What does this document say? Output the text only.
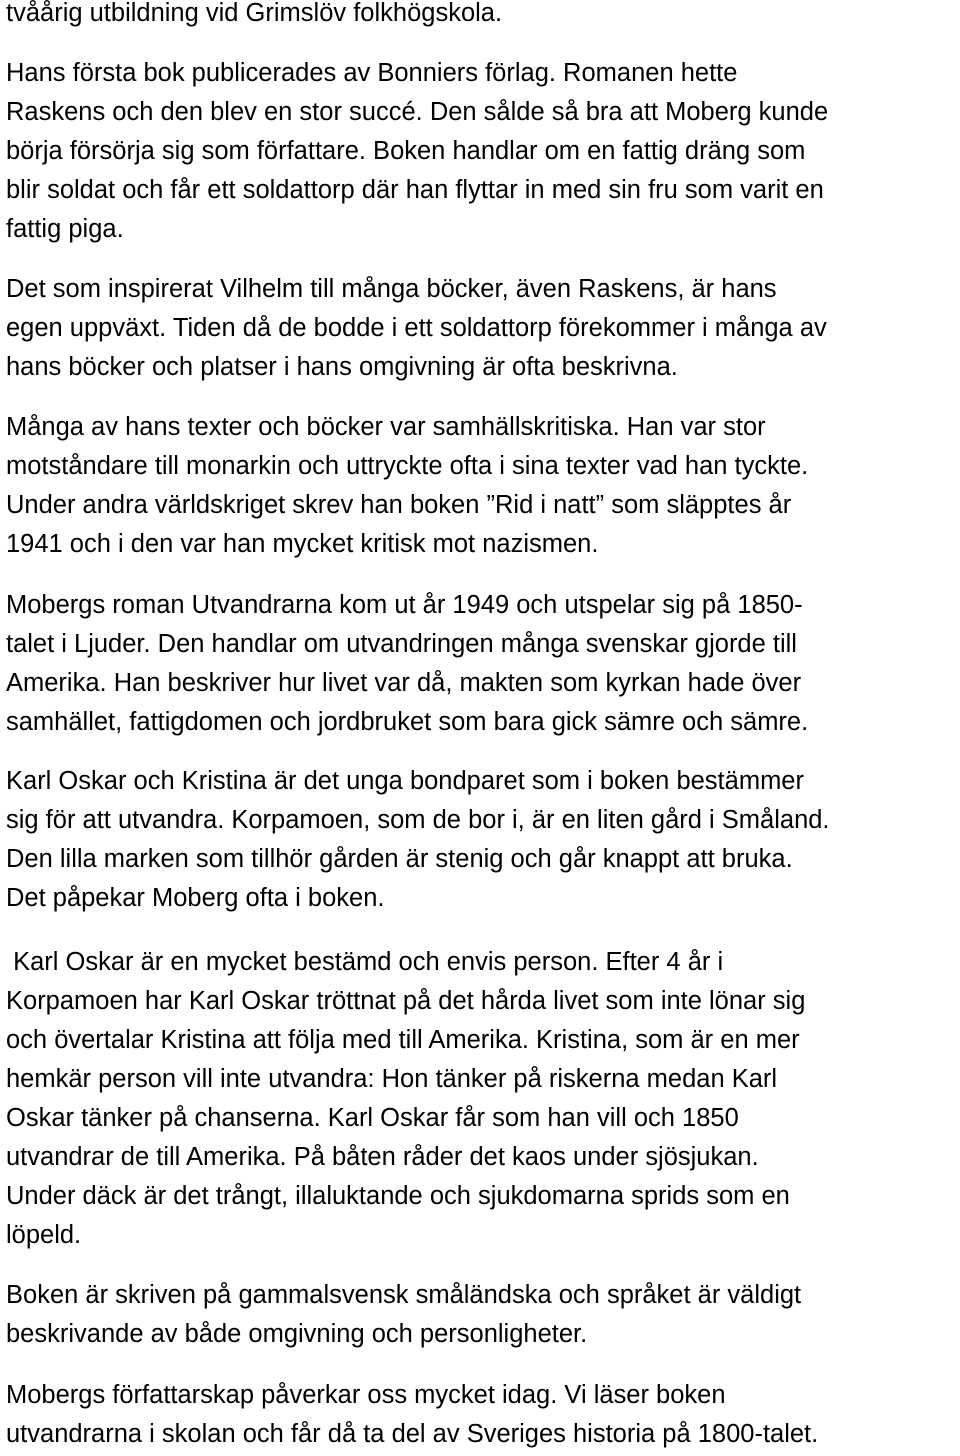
tvåårig utbildning vid Grimslöv folkhögskola.
Hans första bok publicerades av Bonniers förlag. Romanen hette
Raskens och den blev en stor succé. Den sålde så bra att Moberg kunde
börja försörja sig som författare. Boken handlar om en fattig dräng som
blir soldat och får ett soldattorp där han flyttar in med sin fru som varit en
fattig piga.
Det som inspirerat Vilhelm till många böcker, även Raskens, är hans
egen uppväxt. Tiden då de bodde i ett soldattorp förekommer i många av
hans böcker och platser i hans omgivning är ofta beskrivna.
Många av hans texter och böcker var samhällskritiska. Han var stor
motståndare till monarkin och uttryckte ofta i sina texter vad han tyckte.
Under andra världskriget skrev han boken ”Rid i natt” som släpptes år
1941 och i den var han mycket kritisk mot nazismen.
Mobergs roman Utvandrarna kom ut år 1949 och utspelar sig på 1850-
talet i Ljuder. Den handlar om utvandringen många svenskar gjorde till
Amerika. Han beskriver hur livet var då, makten som kyrkan hade över
samhället, fattigdomen och jordbruket som bara gick sämre och sämre.
Karl Oskar och Kristina är det unga bondparet som i boken bestämmer
sig för att utvandra. Korpamoen, som de bor i, är en liten gård i Småland.
Den lilla marken som tillhör gården är stenig och går knappt att bruka.
Det påpekar Moberg ofta i boken.
Karl Oskar är en mycket bestämd och envis person. Efter 4 år i
Korpamoen har Karl Oskar tröttnat på det hårda livet som inte lönar sig
och övertalar Kristina att följa med till Amerika. Kristina, som är en mer
hemkär person vill inte utvandra: Hon tänker på riskerna medan Karl
Oskar tänker på chanserna. Karl Oskar får som han vill och 1850
utvandrar de till Amerika. På båten råder det kaos under sjösjukan.
Under däck är det trångt, illaluktande och sjukdomarna sprids som en
löpeld.
Boken är skriven på gammalsvensk småländska och språket är väldigt
beskrivande av både omgivning och personligheter.
Mobergs författarskap påverkar oss mycket idag. Vi läser boken
utvandrarna i skolan och får då ta del av Sveriges historia på 1800-talet.
